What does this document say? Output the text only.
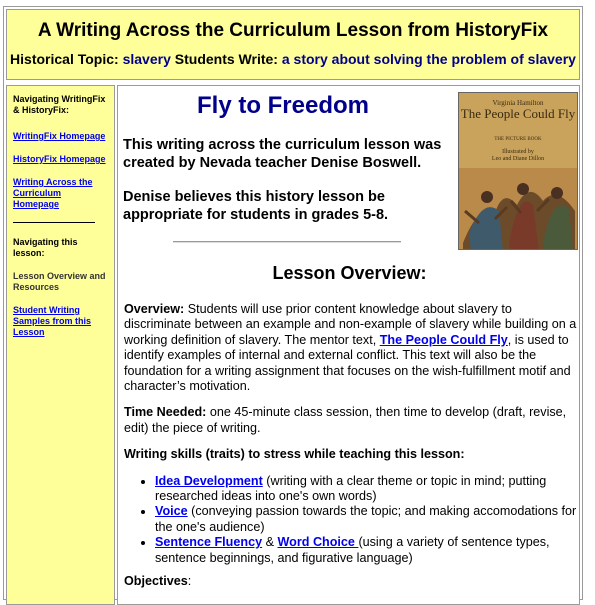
A Writing Across the Curriculum Lesson from HistoryFix
Historical Topic: slavery Students Write: a story about solving the problem of slavery
Navigating WritingFix & HistoryFix:
WritingFix Homepage
HistoryFix Homepage
Writing Across the Curriculum Homepage
Navigating this lesson:
Lesson Overview and Resources
Student Writing Samples from this Lesson
Fly to Freedom	Virginia Hamilton
The People Could Fly
THE PICTURE BOOK
Illustrated by
Leo and Diane Dillon
This writing across the curriculum lesson was created by Nevada teacher Denise Boswell.
Denise believes this history lesson be appropriate for students in grades 5-8.
Lesson Overview:

Overview: Students will use prior content knowledge about slavery to discriminate between an example and non-example of slavery while building on a working definition of slavery. The mentor text, The People Could Fly, is used to identify examples of internal and external conflict. This text will also be the foundation for a writing assignment that focuses on the wish-fulfillment motif and character’s motivation.

Time Needed: one 45-minute class session, then time to develop (draft, revise, edit) the piece of writing.

Writing skills (traits) to stress while teaching this lesson:

• Idea Development (writing with a clear theme or topic in mind; putting researched ideas into one's own words)
• Voice (conveying passion towards the topic; and making accomodations for the one's audience)
• Sentence Fluency & Word Choice (using a variety of sentence types, sentence beginnings, and figurative language)

Objectives:
